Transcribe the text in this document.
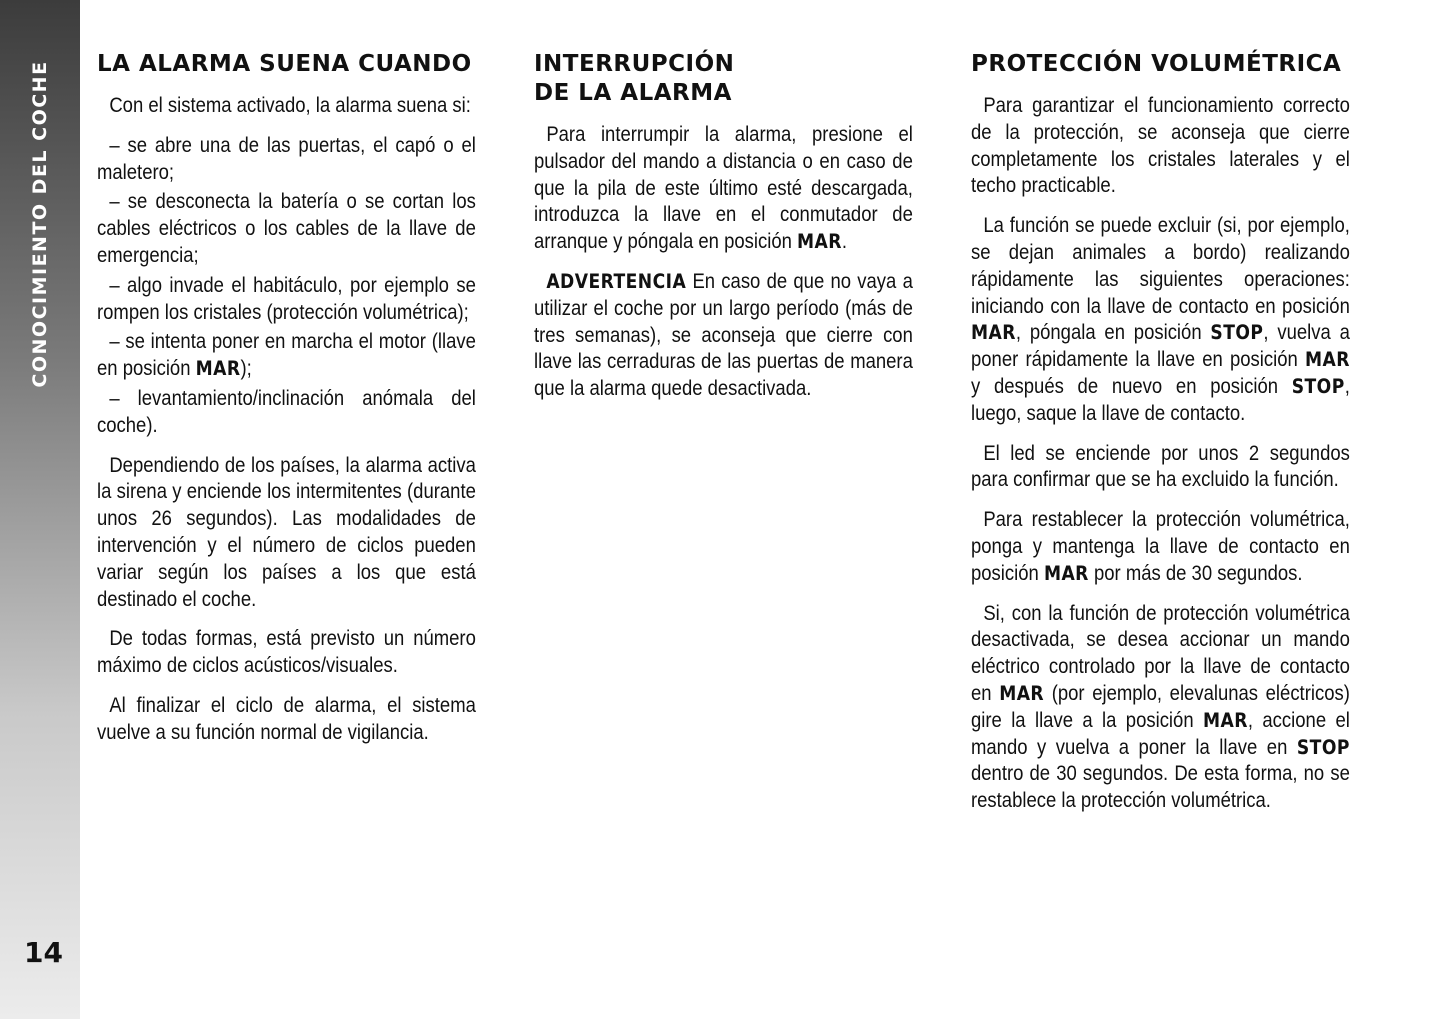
CONOCIMIENTO DEL COCHE
14
LA ALARMA SUENA CUANDO

Con el sistema activado, la alarma suena si:

– se abre una de las puertas, el capó o el maletero;

– se desconecta la batería o se cortan los cables eléctricos o los cables de la llave de emergencia;

– algo invade el habitáculo, por ejemplo se rompen los cristales (protección volumétrica);

– se intenta poner en marcha el motor (llave en posición MAR);

– levantamiento/inclinación anómala del coche).

Dependiendo de los países, la alarma activa la sirena y enciende los intermitentes (durante unos 26 segundos). Las modalidades de intervención y el número de ciclos pueden variar según los países a los que está destinado el coche.

De todas formas, está previsto un número máximo de ciclos acústicos/visuales.

Al finalizar el ciclo de alarma, el sistema vuelve a su función normal de vigilancia.

INTERRUPCIÓN
DE LA ALARMA

Para interrumpir la alarma, presione el pulsador del mando a distancia o en caso de que la pila de este último esté descargada, introduzca la llave en el conmutador de arranque y póngala en posición MAR.

ADVERTENCIA En caso de que no vaya a utilizar el coche por un largo período (más de tres semanas), se aconseja que cierre con llave las cerraduras de las puertas de manera que la alarma quede desactivada.

PROTECCIÓN VOLUMÉTRICA

Para garantizar el funcionamiento correcto de la protección, se aconseja que cierre completamente los cristales laterales y el techo practicable.

La función se puede excluir (si, por ejemplo, se dejan animales a bordo) realizando rápidamente las siguientes operaciones: iniciando con la llave de contacto en posición MAR, póngala en posición STOP, vuelva a poner rápidamente la llave en posición MAR y después de nuevo en posición STOP, luego, saque la llave de contacto.

El led se enciende por unos 2 segundos para confirmar que se ha excluido la función.

Para restablecer la protección volumétrica, ponga y mantenga la llave de contacto en posición MAR por más de 30 segundos.

Si, con la función de protección volumétrica desactivada, se desea accionar un mando eléctrico controlado por la llave de contacto en MAR (por ejemplo, elevalunas eléctricos) gire la llave a la posición MAR, accione el mando y vuelva a poner la llave en STOP dentro de 30 segundos. De esta forma, no se restablece la protección volumétrica.
